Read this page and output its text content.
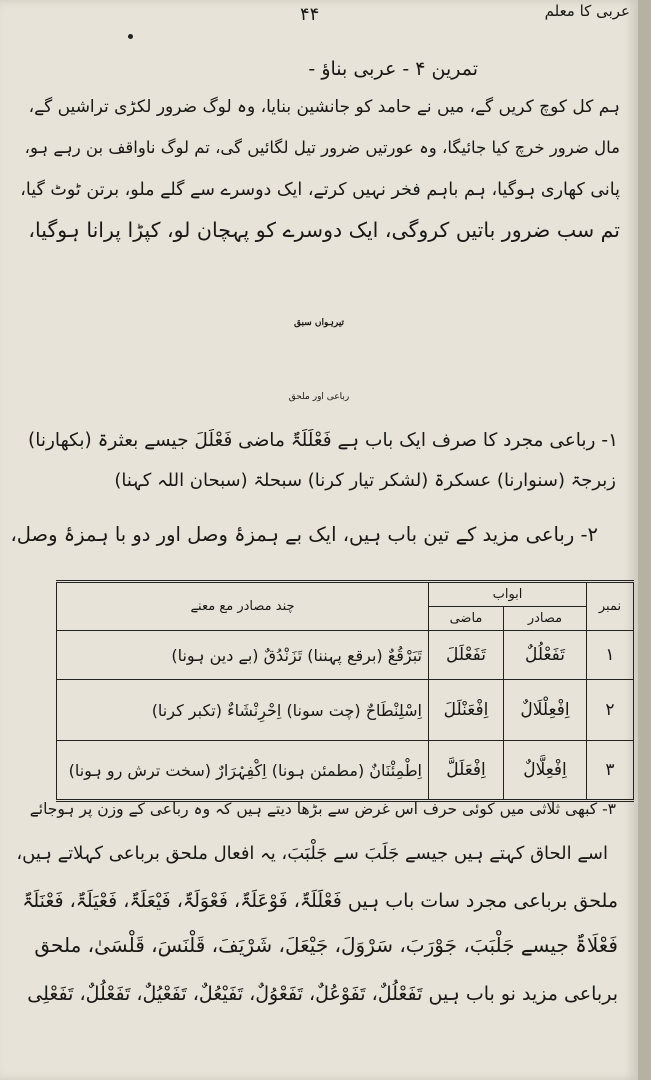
عربی کا معلم
۴۴
تمرین ۴ - عربی بناؤ -
ہم کل کوچ کریں گے، میں نے حامد کو جانشین بنایا، وہ لوگ ضرور لکڑی تراشیں گے،
مال ضرور خرچ کیا جائیگا، وہ عورتیں ضرور تیل لگائیں گی، تم لوگ ناواقف بن رہے ہو،
پانی کھاری ہوگیا، ہم باہم فخر نہیں کرتے، ایک دوسرے سے گلے ملو، برتن ٹوٹ گیا،
تم سب ضرور باتیں کروگی، ایک دوسرے کو پہچان لو، کپڑا پرانا ہوگیا،
تیرہواں سبق
رباعی اور ملحق
۱- رباعی مجرد کا صرف ایک باب ہے فَعْلَلَۃٌ ماضی فَعْلَلَ جیسے بعثرۃ (بکھارنا)
زبرجۃ (سنوارنا) عسکرۃ (لشکر تیار کرنا) سبحلۃ (سبحان اللہ کہنا)
۲- رباعی مزید کے تین باب ہیں، ایک بے ہمزۂ وصل اور دو با ہمزۂ وصل،
نمبر	ابواب		چند مصادر مع معنے
	مصادر	ماضی	
۱	تَفَعْلُلٌ	تَفَعْلَلَ	تَبَرْقُعٌ (برقع پہننا) تَزَنْدُقٌ (بے دین ہونا)
۲	اِفْعِلْلَالٌ	اِفْعَنْلَلَ	اِسْلِنْطَاحٌ (چت سونا) اِحْرِنْشَاءٌ (تکبر کرنا)
۳	اِفْعِلَّالٌ	اِفْعَلَلَّ	اِطْمِئْنَانٌ (مطمئن ہونا) اِکْفِہْرَارٌ (سخت ترش رو ہونا)
۳- کبھی ثلاثی میں کوئی حرف اس غرض سے بڑھا دیتے ہیں کہ وہ رباعی کے وزن پر ہوجائے
اسے الحاق کہتے ہیں جیسے جَلَبَ سے جَلْبَبَ، یہ افعال ملحق برباعی کہلاتے ہیں،
ملحق برباعی مجرد سات باب ہیں فَعْلَلَۃٌ، فَوْعَلَۃٌ، فَعْوَلَۃٌ، فَیْعَلَۃٌ، فَعْیَلَۃٌ، فَعْنَلَۃٌ
فَعْلَاۃٌ جیسے جَلْبَبَ، جَوْرَبَ، سَرْوَلَ، جَیْعَلَ، شَرْیَفَ، قَلْنَسَ، قَلْسَیٰ، ملحق
برباعی مزید نو باب ہیں تَفَعْلُلٌ، تَفَوْعُلٌ، تَفَعْوُلٌ، تَفَیْعُلٌ، تَفَعْیُلٌ، تَفَعْلُلٌ، تَفَعْلِی
